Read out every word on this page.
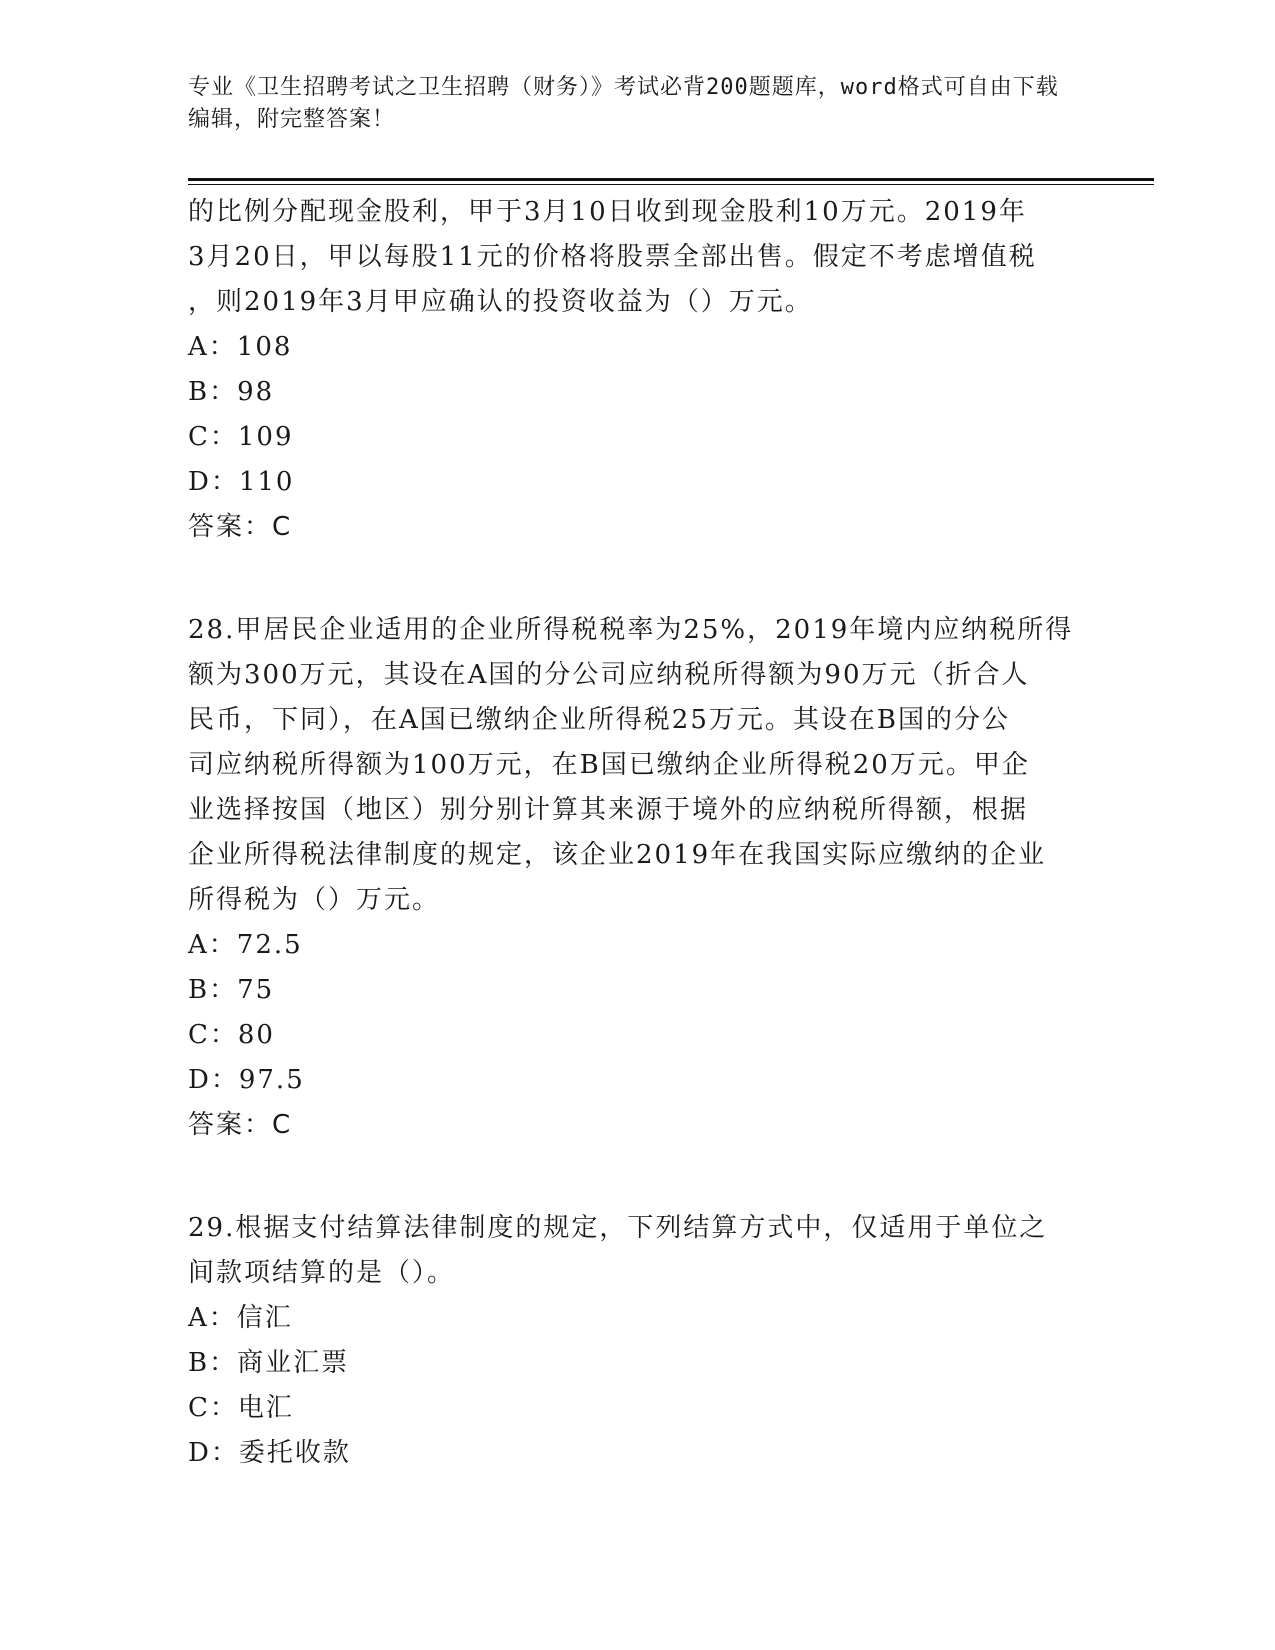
专业《卫生招聘考试之卫生招聘（财务）》考试必背200题题库，word格式可自由下载编辑，附完整答案！

的比例分配现金股利，甲于3月10日收到现金股利10万元。2019年

3月20日，甲以每股11元的价格将股票全部出售。假定不考虑增值税

，则2019年3月甲应确认的投资收益为（）万元。

A：108

B：98

C：109

D：110

答案：C

28.甲居民企业适用的企业所得税税率为25%，2019年境内应纳税所得

额为300万元，其设在A国的分公司应纳税所得额为90万元（折合人

民币，下同），在A国已缴纳企业所得税25万元。其设在B国的分公

司应纳税所得额为100万元，在B国已缴纳企业所得税20万元。甲企

业选择按国（地区）别分别计算其来源于境外的应纳税所得额，根据

企业所得税法律制度的规定，该企业2019年在我国实际应缴纳的企业

所得税为（）万元。

A：72.5

B：75

C：80

D：97.5

答案：C

29.根据支付结算法律制度的规定，下列结算方式中，仅适用于单位之

间款项结算的是（）。

A：信汇

B：商业汇票

C：电汇

D：委托收款
